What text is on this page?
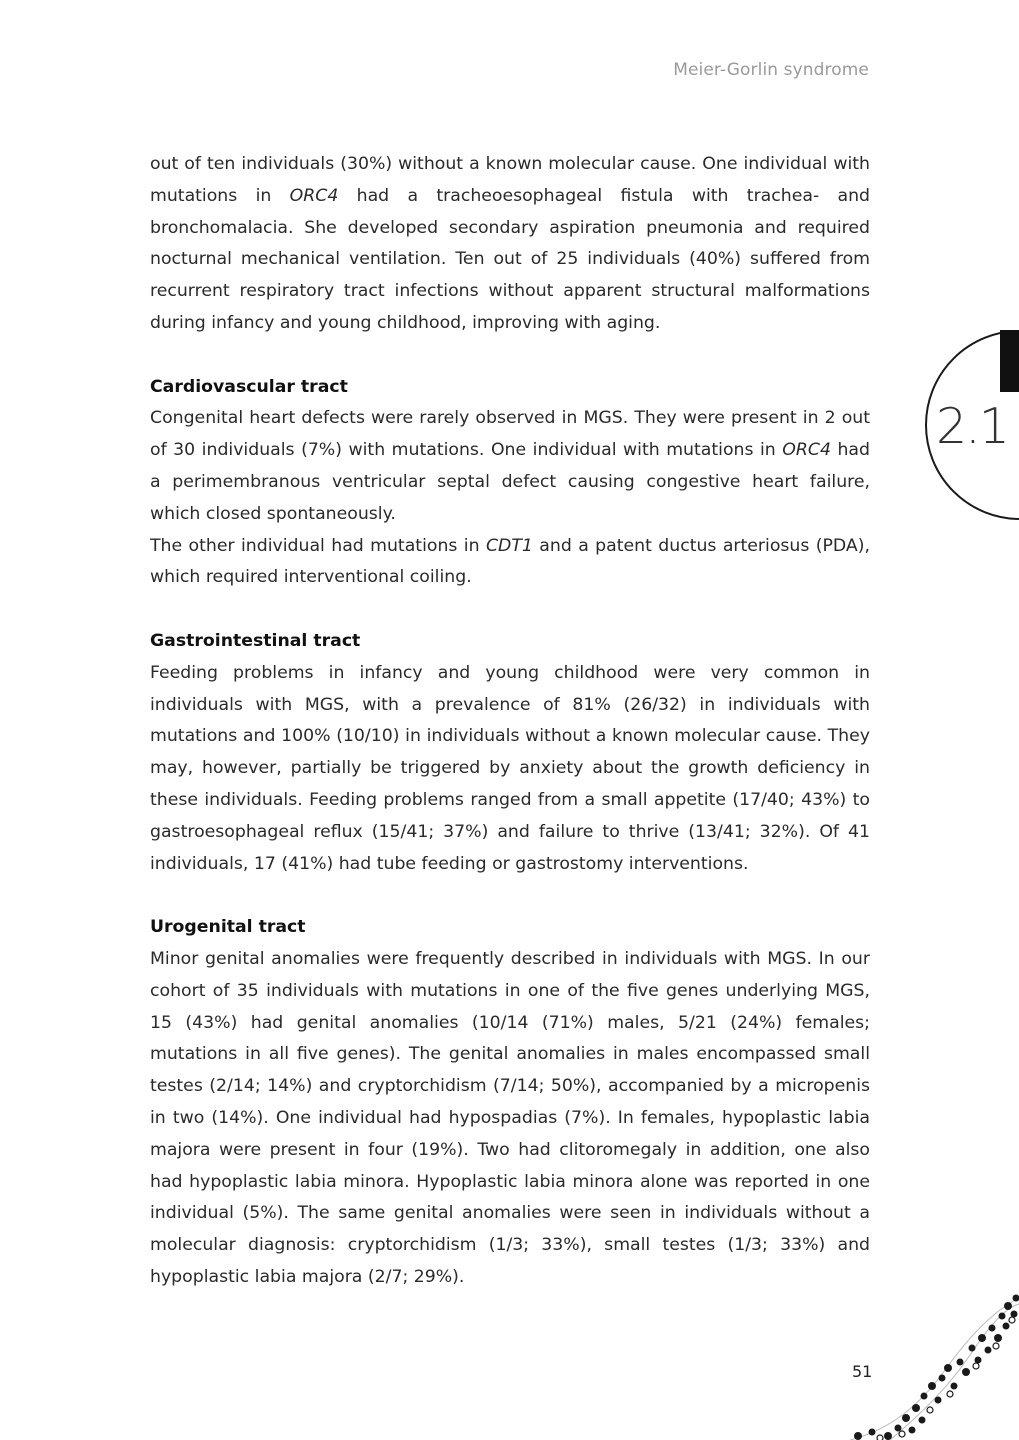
Meier-Gorlin syndrome
2.1

out of ten individuals (30%) without a known molecular cause. One individual with mutations in ORC4 had a tracheoesophageal fistula with trachea- and bronchomalacia. She developed secondary aspiration pneumonia and required nocturnal mechanical ventilation. Ten out of 25 individuals (40%) suffered from recurrent respiratory tract infections without apparent structural malformations during infancy and young childhood, improving with aging.

Cardiovascular tract

Congenital heart defects were rarely observed in MGS. They were present in 2 out of 30 individuals (7%) with mutations. One individual with mutations in ORC4 had a perimembranous ventricular septal defect causing congestive heart failure, which closed spontaneously.

The other individual had mutations in CDT1 and a patent ductus arteriosus (PDA), which required interventional coiling.

Gastrointestinal tract

Feeding problems in infancy and young childhood were very common in individuals with MGS, with a prevalence of 81% (26/32) in individuals with mutations and 100% (10/10) in individuals without a known molecular cause. They may, however, partially be triggered by anxiety about the growth deficiency in these individuals. Feeding problems ranged from a small appetite (17/40; 43%) to gastroesophageal reflux (15/41; 37%) and failure to thrive (13/41; 32%). Of 41 individuals, 17 (41%) had tube feeding or gastrostomy interventions.

Urogenital tract

Minor genital anomalies were frequently described in individuals with MGS. In our cohort of 35 individuals with mutations in one of the five genes underlying MGS, 15 (43%) had genital anomalies (10/14 (71%) males, 5/21 (24%) females; mutations in all five genes). The genital anomalies in males encompassed small testes (2/14; 14%) and cryptorchidism (7/14; 50%), accompanied by a micropenis in two (14%). One individual had hypospadias (7%). In females, hypoplastic labia majora were present in four (19%). Two had clitoromegaly in addition, one also had hypoplastic labia minora. Hypoplastic labia minora alone was reported in one individual (5%). The same genital anomalies were seen in individuals without a molecular diagnosis: cryptorchidism (1/3; 33%), small testes (1/3; 33%) and hypoplastic labia majora (2/7; 29%).

51
